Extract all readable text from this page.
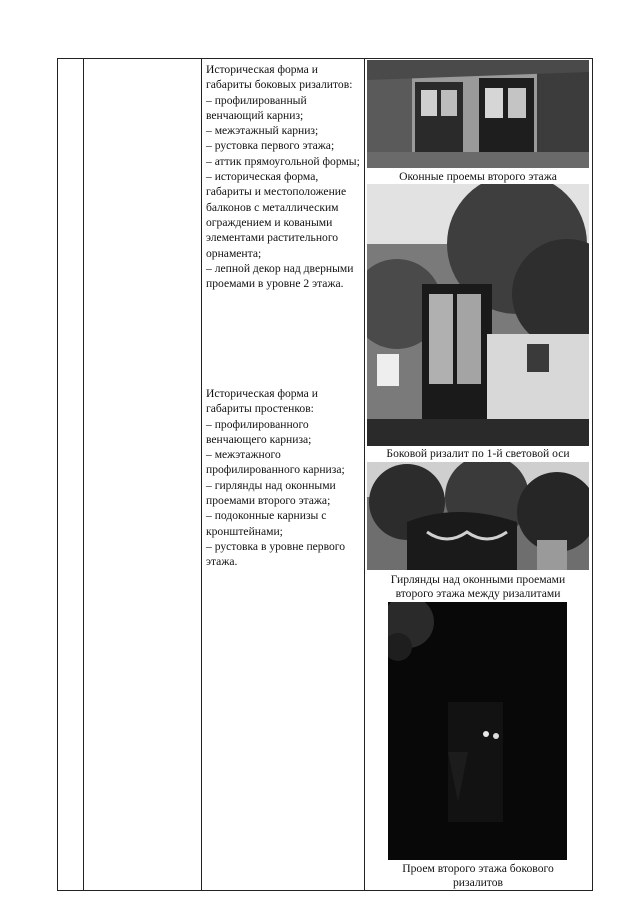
Историческая форма и габариты боковых ризалитов:

– профилированный венчающий карниз;

– межэтажный карниз;

– рустовка первого этажа;

– аттик прямоугольной формы;

– историческая форма, габариты и местоположение балконов с металлическим ограждением и коваными элементами растительного орнамента;

– лепной декор над дверными проемами в уровне 2 этажа.

Историческая форма и габариты простенков:

– профилированного венчающего карниза;

– межэтажного профилированного карниза;

– гирлянды над оконными проемами второго этажа;

– подоконные карнизы с кронштейнами;

– рустовка в уровне первого этажа.

Оконные проемы второго этажа
Боковой ризалит по 1-й световой оси
Гирлянды над оконными проемами
второго этажа между ризалитами
Проем второго этажа бокового
ризалитов
